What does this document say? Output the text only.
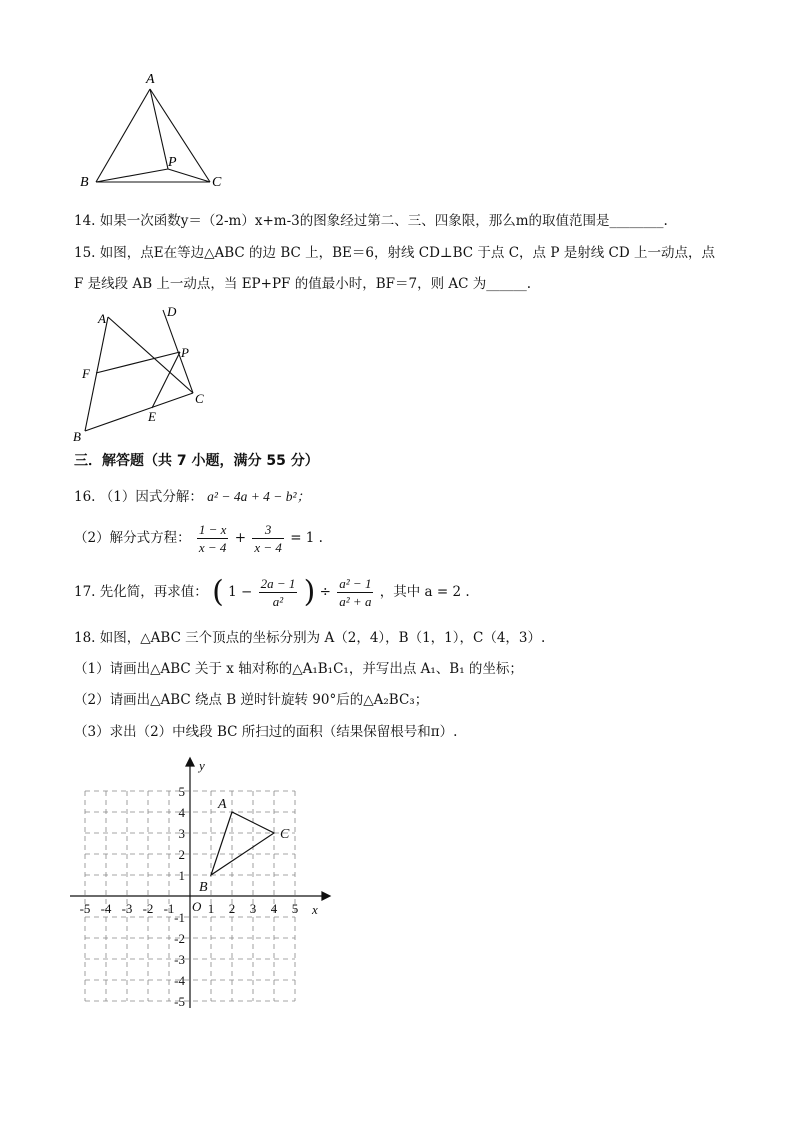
A
B	C
P
14. 如果一次函数y＝（2-m）x+m-3的图象经过第二、三、四象限，那么m的取值范围是________.
15. 如图，点E在等边△ABC 的边 BC 上，BE＝6，射线 CD⊥BC 于点 C，点 P 是射线 CD 上一动点，点
F 是线段 AB 上一动点，当 EP+PF 的值最小时，BF＝7，则 AC 为______.
A	D
P
F
C
E
B
三．解答题（共 7 小题，满分 55 分）
16. （1）因式分解： a² − 4a + 4 − b²；
（2）解分式方程： $\frac{1 - x}{x - 4} + \frac{3}{x - 4} = 1$ .
17. 先化简，再求值： ( $1 - \frac{2a - 1}{\text{a²}}$ ) ÷ $\frac{\text{a² − 1}}{\text{a² + a}}$ ，其中 a = 2 .
18. 如图，△ABC 三个顶点的坐标分别为 A（2，4），B（1，1），C（4，3）.
（1）请画出△ABC 关于 x 轴对称的△A₁B₁C₁，并写出点 A₁、B₁ 的坐标；
（2）请画出△ABC 绕点 B 逆时针旋转 90°后的△A₂BC₃；
（3）求出（2）中线段 BC 所扫过的面积（结果保留根号和π）.
-5 -4 -3 -2 -1	1 2 3 4 5
5
4
3
2
1
-1
-2
-3
-4
-5
O	x
y
A
B
C
